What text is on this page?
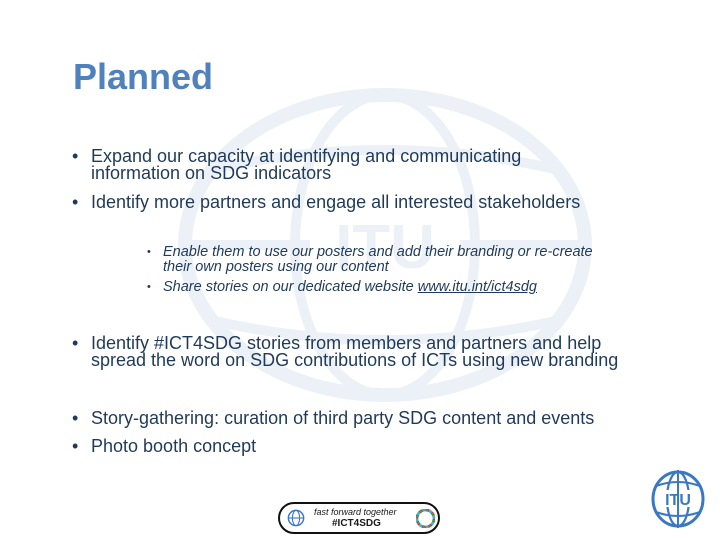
ITU
Planned
• Expand our capacity at identifying and communicating
information on SDG indicators
• Identify more partners and engage all interested stakeholders
• Enable them to use our posters and add their branding or re-create
their own posters using our content
• Share stories on our dedicated website www.itu.int/ict4sdg
• Identify #ICT4SDG stories from members and partners and help
spread the word on SDG contributions of ICTs using new branding
• Story-gathering: curation of third party SDG content and events
• Photo booth concept
fast forward together
#ICT4SDG
ITU
